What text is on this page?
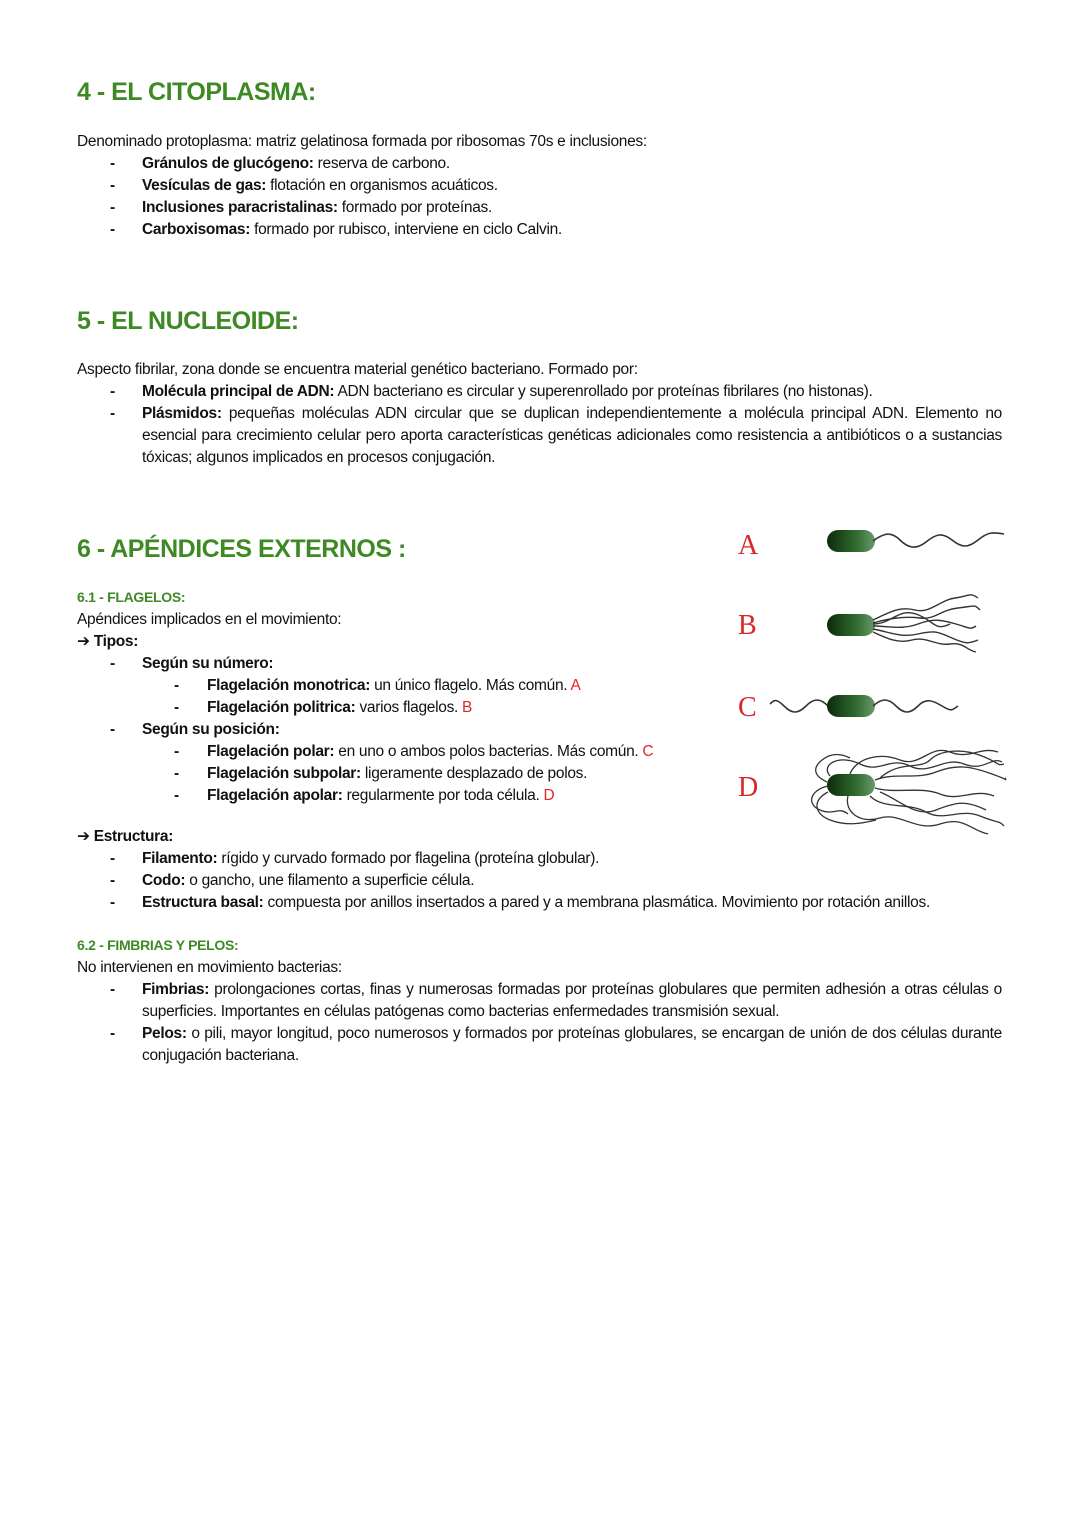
4 - EL CITOPLASMA:

Denominado protoplasma: matriz gelatinosa formada por ribosomas 70s e inclusiones:

- Gránulos de glucógeno: reserva de carbono.
- Vesículas de gas: flotación en organismos acuáticos.
- Inclusiones paracristalinas: formado por proteínas.
- Carboxisomas: formado por rubisco, interviene en ciclo Calvin.
5 - EL NUCLEOIDE:

Aspecto fibrilar, zona donde se encuentra material genético bacteriano. Formado por:

- Molécula principal de ADN: ADN bacteriano es circular y superenrollado por proteínas fibrilares (no histonas).
- Plásmidos: pequeñas moléculas ADN circular que se duplican independientemente a molécula principal ADN. Elemento no esencial para crecimiento celular pero aporta características genéticas adicionales como resistencia a antibióticos o a sustancias tóxicas; algunos implicados en procesos conjugación.
6 - APÉNDICES EXTERNOS :
6.1 - FLAGELOS:

Apéndices implicados en el movimiento:

➔ Tipos:
- Según su número:
- Flagelación monotrica: un único flagelo. Más común. A
- Flagelación politrica: varios flagelos. B
- Según su posición:
- Flagelación polar: en uno o ambos polos bacterias. Más común. C
- Flagelación subpolar: ligeramente desplazado de polos.
- Flagelación apolar: regularmente por toda célula. D
➔ Estructura:
- Filamento: rígido y curvado formado por flagelina (proteína globular).
- Codo: o gancho, une filamento a superficie célula.
- Estructura basal: compuesta por anillos insertados a pared y a membrana plasmática. Movimiento por rotación anillos.
6.2 - FIMBRIAS Y PELOS:

No intervienen en movimiento bacterias:

- Fimbrias: prolongaciones cortas, finas y numerosas formadas por proteínas globulares que permiten adhesión a otras células o superficies. Importantes en células patógenas como bacterias enfermedades transmisión sexual.
- Pelos: o pili, mayor longitud, poco numerosos y formados por proteínas globulares, se encargan de unión de dos células durante conjugación bacteriana.
A
B
C
D
